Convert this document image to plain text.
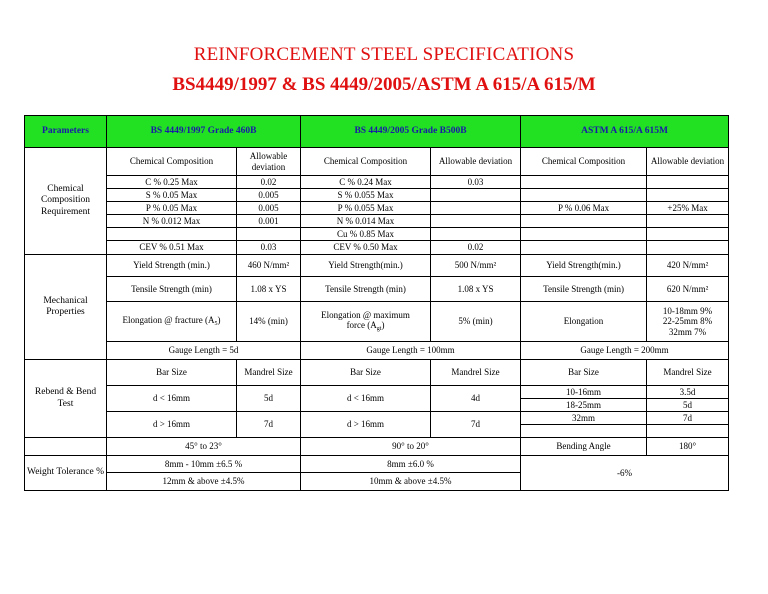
REINFORCEMENT STEEL SPECIFICATIONS
BS4449/1997 & BS 4449/2005/ASTM A 615/A 615/M
Parameters	BS 4449/1997 Grade 460B		BS 4449/2005 Grade B500B		ASTM A 615/A 615M	
Chemical Composition Requirement	Chemical Composition	Allowable deviation	Chemical Composition	Allowable deviation	Chemical Composition	Allowable deviation
	C % 0.25 Max	0.02	C % 0.24 Max	0.03		
	S % 0.05 Max	0.005	S % 0.055 Max			
	P % 0.05 Max	0.005	P % 0.055 Max		P % 0.06 Max	+25% Max
	N % 0.012 Max	0.001	N % 0.014 Max			
			Cu % 0.85 Max			
	CEV % 0.51 Max	0.03	CEV % 0.50 Max	0.02		
Mechanical Properties	Yield Strength (min.)	460 N/mm²	Yield Strength(min.)	500 N/mm²	Yield Strength(min.)	420 N/mm²
	Tensile Strength (min)	1.08 x YS	Tensile Strength (min)	1.08 x YS	Tensile Strength (min)	620 N/mm²
	Elongation @ fracture $(A_5)$	14% (min)	Elongation @ maximum
force $(A_{gt})$	5% (min)	Elongation	10-18mm 9%
22-25mm 8%
32mm 7%

	Gauge Length = 5d		Gauge Length = 100mm		Gauge Length = 200mm	
Rebend & Bend Test	Bar Size	Mandrel Size	Bar Size	Mandrel Size	Bar Size	Mandrel Size
	d < 16mm	5d	d < 16mm	4d	10-16mm	3.5d
					18-25mm	5d
	d > 16mm	7d	d > 16mm	7d	32mm	7d

	45° to 23°		90° to 20°		Bending Angle	180°
Weight Tolerance %	8mm - 10mm ±6.5 %		8mm ±6.0 %		-6%	
	12mm & above ±4.5%		10mm & above ±4.5%			
